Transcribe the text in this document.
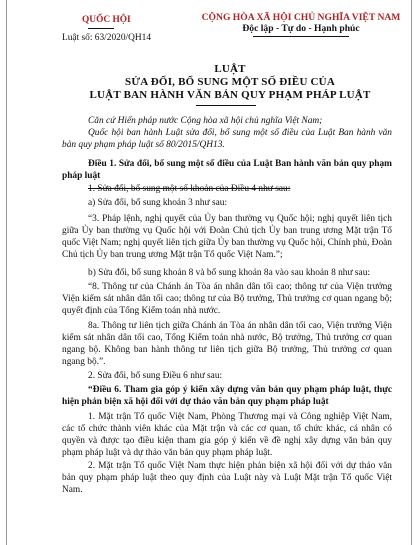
QUỐC HỘI
Luật số: 63/2020/QH14
CỘNG HÒA XÃ HỘI CHỦ NGHĨA VIỆT NAM
Độc lập - Tự do - Hạnh phúc
LUẬT
SỬA ĐỔI, BỔ SUNG MỘT SỐ ĐIỀU CỦA
LUẬT BAN HÀNH VĂN BẢN QUY PHẠM PHÁP LUẬT
Căn cứ Hiến pháp nước Cộng hòa xã hội chủ nghĩa Việt Nam;
Quốc hội ban hành Luật sửa đổi, bổ sung một số điều của Luật Ban hành văn bản quy phạm pháp luật số 80/2015/QH13.
Điều 1. Sửa đổi, bổ sung một số điều của Luật Ban hành văn bản quy phạm pháp luật
1. Sửa đổi, bổ sung một số khoản của Điều 4 như sau:
a) Sửa đổi, bổ sung khoản 3 như sau:
“3. Pháp lệnh, nghị quyết của Ủy ban thường vụ Quốc hội; nghị quyết liên tịch giữa Ủy ban thường vụ Quốc hội với Đoàn Chủ tịch Ủy ban trung ương Mặt trận Tổ quốc Việt Nam; nghị quyết liên tịch giữa Ủy ban thường vụ Quốc hội, Chính phủ, Đoàn Chủ tịch Ủy ban trung ương Mặt trận Tổ quốc Việt Nam.”;
b) Sửa đổi, bổ sung khoản 8 và bổ sung khoản 8a vào sau khoản 8 như sau:
“8. Thông tư của Chánh án Tòa án nhân dân tối cao; thông tư của Viện trưởng Viện kiểm sát nhân dân tối cao; thông tư của Bộ trưởng, Thủ trưởng cơ quan ngang bộ; quyết định của Tổng Kiểm toán nhà nước.
8a. Thông tư liên tịch giữa Chánh án Tòa án nhân dân tối cao, Viện trưởng Viện kiểm sát nhân dân tối cao, Tổng Kiểm toán nhà nước, Bộ trưởng, Thủ trưởng cơ quan ngang bộ. Không ban hành thông tư liên tịch giữa Bộ trưởng, Thủ trưởng cơ quan ngang bộ.”.
2. Sửa đổi, bổ sung Điều 6 như sau:
“Điều 6. Tham gia góp ý kiến xây dựng văn bản quy phạm pháp luật, thực hiện phản biện xã hội đối với dự thảo văn bản quy phạm pháp luật
1. Mặt trận Tổ quốc Việt Nam, Phòng Thương mại và Công nghiệp Việt Nam, các tổ chức thành viên khác của Mặt trận và các cơ quan, tổ chức khác, cá nhân có quyền và được tạo điều kiện tham gia góp ý kiến về đề nghị xây dựng văn bản quy phạm pháp luật và dự thảo văn bản quy phạm pháp luật.
2. Mặt trận Tổ quốc Việt Nam thực hiện phản biện xã hội đối với dự thảo văn bản quy phạm pháp luật theo quy định của Luật này và Luật Mặt trận Tổ quốc Việt Nam.
